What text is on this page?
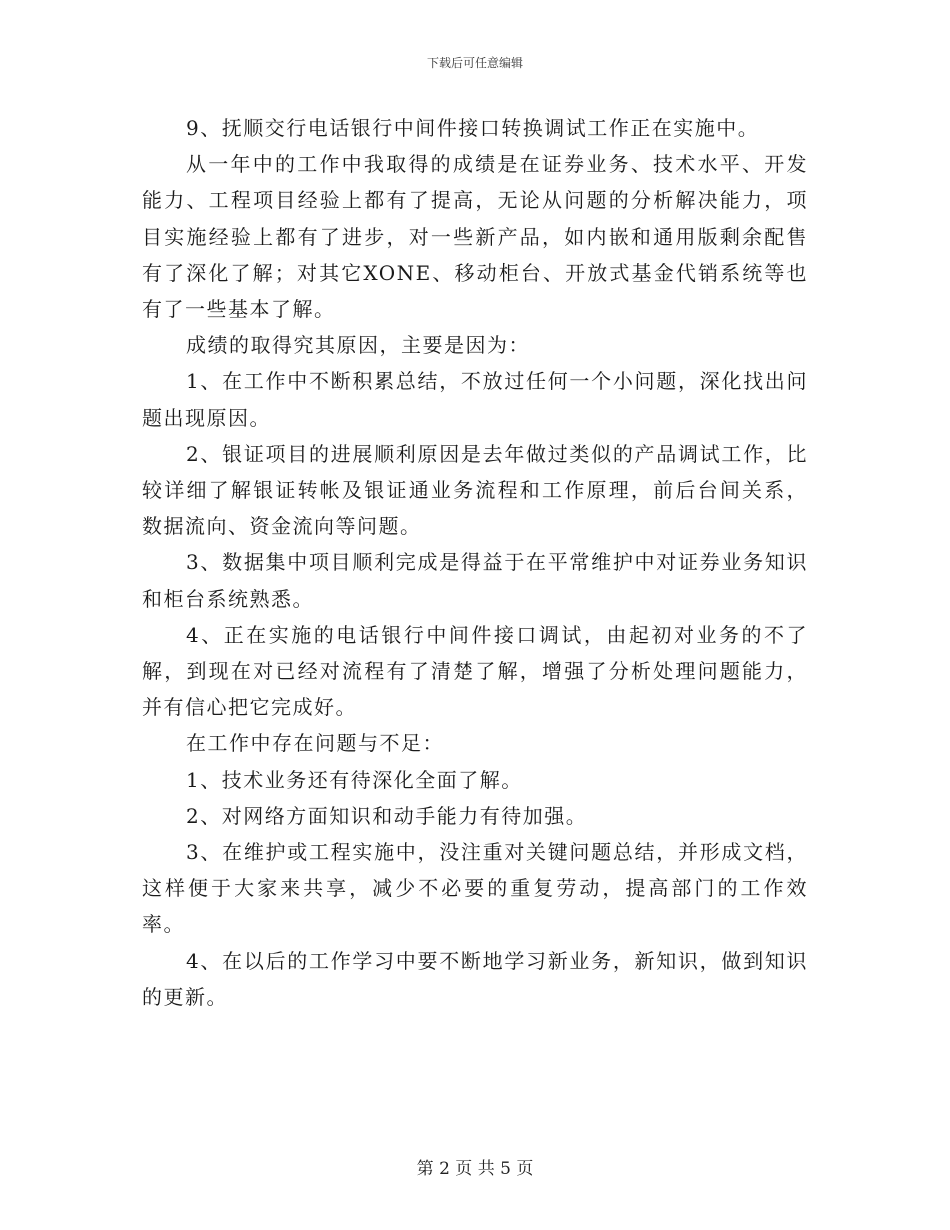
下载后可任意编辑

9、抚顺交行电话银行中间件接口转换调试工作正在实施中。

从一年中的工作中我取得的成绩是在证券业务、技术水平、开发能力、工程项目经验上都有了提高，无论从问题的分析解决能力，项目实施经验上都有了进步，对一些新产品，如内嵌和通用版剩余配售有了深化了解；对其它XONE、移动柜台、开放式基金代销系统等也有了一些基本了解。

成绩的取得究其原因，主要是因为：

1、在工作中不断积累总结，不放过任何一个小问题，深化找出问题出现原因。

2、银证项目的进展顺利原因是去年做过类似的产品调试工作，比较详细了解银证转帐及银证通业务流程和工作原理，前后台间关系，数据流向、资金流向等问题。

3、数据集中项目顺利完成是得益于在平常维护中对证券业务知识和柜台系统熟悉。

4、正在实施的电话银行中间件接口调试，由起初对业务的不了解，到现在对已经对流程有了清楚了解，增强了分析处理问题能力，并有信心把它完成好。

在工作中存在问题与不足：

1、技术业务还有待深化全面了解。

2、对网络方面知识和动手能力有待加强。

3、在维护或工程实施中，没注重对关键问题总结，并形成文档，这样便于大家来共享，减少不必要的重复劳动，提高部门的工作效率。

4、在以后的工作学习中要不断地学习新业务，新知识，做到知识的更新。

第 2 页 共 5 页
